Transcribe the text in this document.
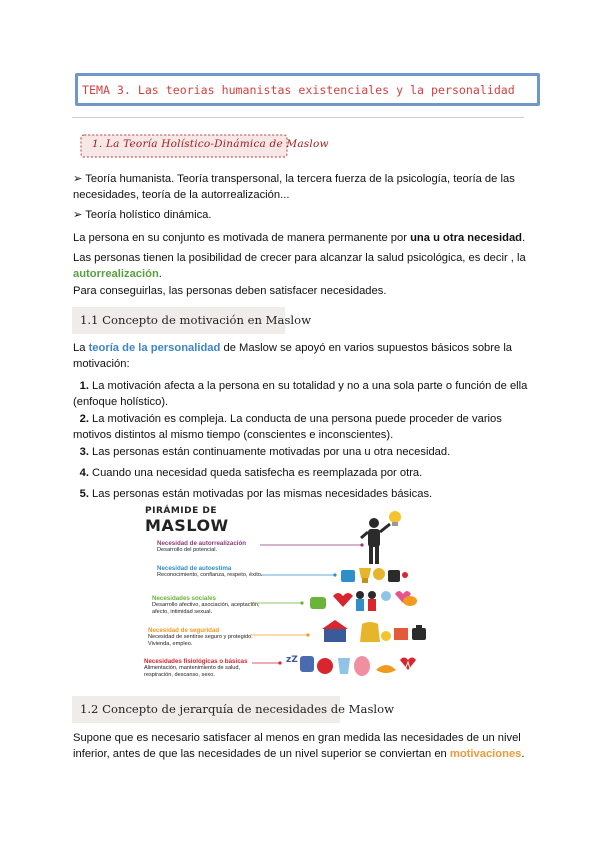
TEMA 3. Las teorias humanistas existenciales y la personalidad
1. La Teoría Holístico-Dinámica de Maslow
➢ Teoría humanista. Teoría transpersonal, la tercera fuerza de la psicología, teoría de las necesidades, teoría de la autorrealización...
➢ Teoría holístico dinámica.
La persona en su conjunto es motivada de manera permanente por una u otra necesidad.
Las personas tienen la posibilidad de crecer para alcanzar la salud psicológica, es decir , la autorrealización.
Para conseguirlas, las personas deben satisfacer necesidades.
1.1 Concepto de motivación en Maslow
La teoría de la personalidad de Maslow se apoyó en varios supuestos básicos sobre la motivación:
1. La motivación afecta a la persona en su totalidad y no a una sola parte o función de ella (enfoque holístico).
2. La motivación es compleja. La conducta de una persona puede proceder de varios motivos distintos al mismo tiempo (conscientes e inconscientes).
3. Las personas están continuamente motivadas por una u otra necesidad.
4. Cuando una necesidad queda satisfecha es reemplazada por otra.
5. Las personas están motivadas por las mismas necesidades básicas.
PIRÁMIDE DE
MASLOW
Necesidad de autorrealización
Desarrollo del potencial.
Necesidad de autoestima
Reconocimiento, confianza, respeto, éxito.
Necesidades sociales
Desarrollo afectivo, asociación, aceptación, afecto, intimidad sexual.
Necesidad de seguridad
Necesidad de sentirse seguro y protegido. Vivienda, empleo.
Necesidades fisiológicas o básicas
Alimentación, mantenimiento de salud, respiración, descanso, sexo.
zZ
1.2 Concepto de jerarquía de necesidades de Maslow
Supone que es necesario satisfacer al menos en gran medida las necesidades de un nivel inferior, antes de que las necesidades de un nivel superior se conviertan en motivaciones.
